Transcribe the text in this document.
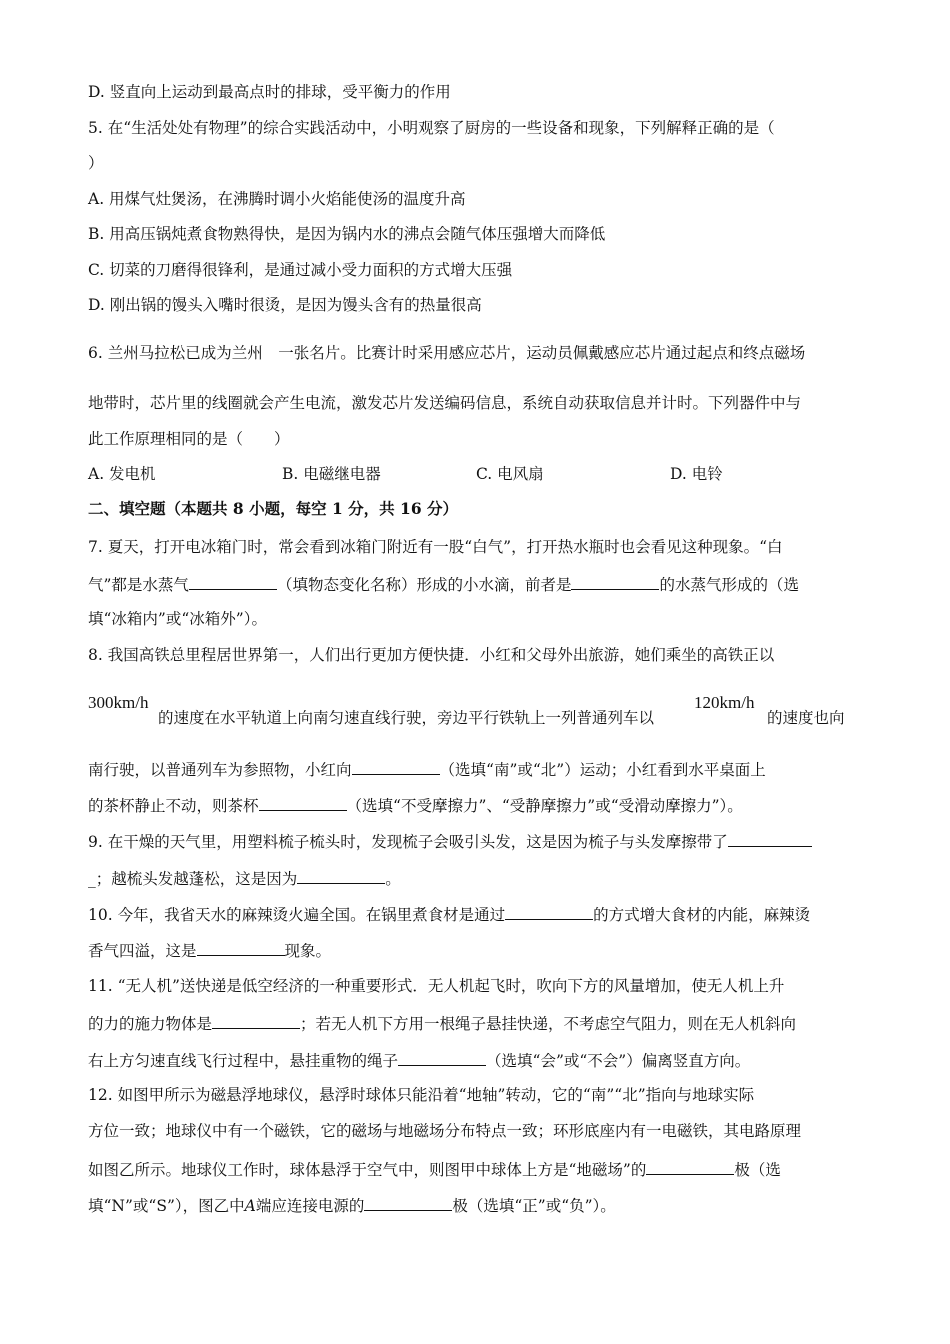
D. 竖直向上运动到最高点时的排球，受平衡力的作用
5. 在“生活处处有物理”的综合实践活动中，小明观察了厨房的一些设备和现象，下列解释正确的是（
）
A. 用煤气灶煲汤，在沸腾时调小火焰能使汤的温度升高
B. 用高压锅炖煮食物熟得快，是因为锅内水的沸点会随气体压强增大而降低
C. 切菜的刀磨得很锋利，是通过减小受力面积的方式增大压强
D. 刚出锅的馒头入嘴时很烫，是因为馒头含有的热量很高
6. 兰州马拉松已成为兰州　一张名片。比赛计时采用感应芯片，运动员佩戴感应芯片通过起点和终点磁场
地带时，芯片里的线圈就会产生电流，激发芯片发送编码信息，系统自动获取信息并计时。下列器件中与
此工作原理相同的是（　　）
A. 发电机	B. 电磁继电器	C. 电风扇	D. 电铃
二、填空题（本题共 8 小题，每空 1 分，共 16 分）
7. 夏天，打开电冰箱门时，常会看到冰箱门附近有一股“白气”，打开热水瓶时也会看见这种现象。“白
气”都是水蒸气	（填物态变化名称）形成的小水滴，前者是	的水蒸气形成的（选
填“冰箱内”或“冰箱外”）。
8. 我国高铁总里程居世界第一，人们出行更加方便快捷．小红和父母外出旅游，她们乘坐的高铁正以
300km/h
的速度在水平轨道上向南匀速直线行驶，旁边平行铁轨上一列普通列车以
120km/h
的速度也向
南行驶，以普通列车为参照物，小红向	（选填“南”或“北”）运动；小红看到水平桌面上
的茶杯静止不动，则茶杯	（选填“不受摩擦力”、“受静摩擦力”或“受滑动摩擦力”）。
9. 在干燥的天气里，用塑料梳子梳头时，发现梳子会吸引头发，这是因为梳子与头发摩擦带了
_；越梳头发越蓬松，这是因为	。
10. 今年，我省天水的麻辣烫火遍全国。在锅里煮食材是通过	的方式增大食材的内能，麻辣烫
香气四溢，这是	现象。
11. “无人机”送快递是低空经济的一种重要形式．无人机起飞时，吹向下方的风量增加，使无人机上升
的力的施力物体是	；若无人机下方用一根绳子悬挂快递，不考虑空气阻力，则在无人机斜向
右上方匀速直线飞行过程中，悬挂重物的绳子	（选填“会”或“不会”）偏离竖直方向。
12. 如图甲所示为磁悬浮地球仪，悬浮时球体只能沿着“地轴”转动，它的“南”“北”指向与地球实际
方位一致；地球仪中有一个磁铁，它的磁场与地磁场分布特点一致；环形底座内有一电磁铁，其电路原理
如图乙所示。地球仪工作时，球体悬浮于空气中，则图甲中球体上方是“地磁场”的	极（选
填“N”或“S”），图乙中A端应连接电源的	极（选填“正”或“负”）。
